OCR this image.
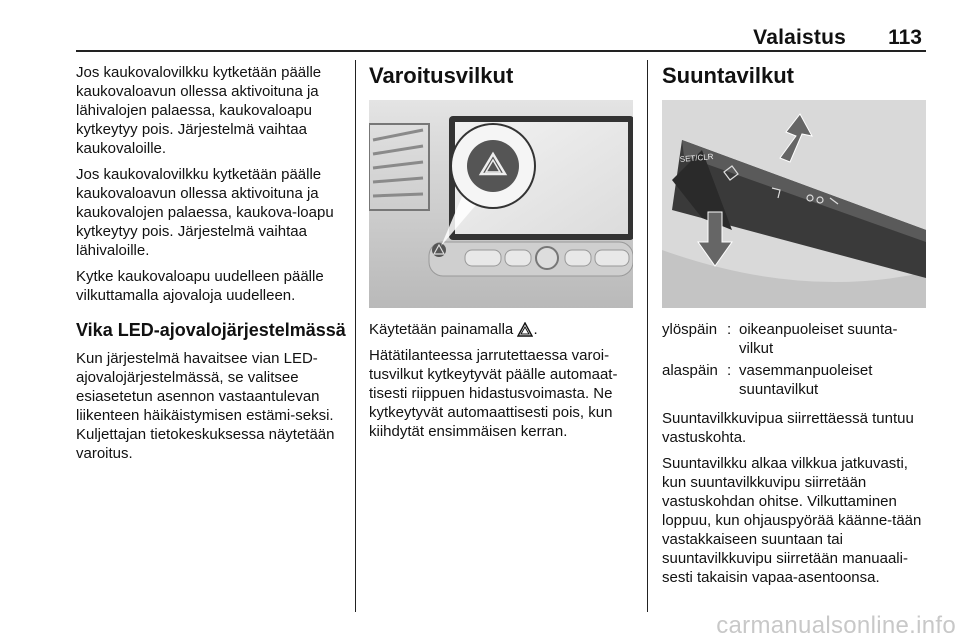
Valaistus 113

Jos kaukovalovilkku kytketään päälle kaukovaloavun ollessa aktivoituna ja lähivalojen palaessa, kaukovaloapu kytkeytyy pois. Järjestelmä vaihtaa kaukovaloille.

Jos kaukovalovilkku kytketään päälle kaukovaloavun ollessa aktivoituna ja kaukovalojen palaessa, kaukova-loapu kytkeytyy pois. Järjestelmä vaihtaa lähivaloille.

Kytke kaukovaloapu uudelleen päälle vilkuttamalla ajovaloja uudelleen.

Vika LED-ajovalojärjestelmässä

Kun järjestelmä havaitsee vian LED-ajovalojärjestelmässä, se valitsee esiasetetun asennon vastaantulevan liikenteen häikäistymisen estämi-seksi. Kuljettajan tietokeskuksessa näytetään varoitus.

Varoitusvilkut

Käytetään painamalla .

Hätätilanteessa jarrutettaessa varoi-tusvilkut kytkeytyvät päälle automaat-tisesti riippuen hidastusvoimasta. Ne kytkeytyvät automaattisesti pois, kun kiihdytät ensimmäisen kerran.

Suuntavilkut
SET/CLR
ylöspäin : oikeanpuoleiset suunta-vilkut
alaspäin : vasemmanpuoleiset suuntavilkut

Suuntavilkkuvipua siirrettäessä tuntuu vastuskohta.

Suuntavilkku alkaa vilkkua jatkuvasti, kun suuntavilkkuvipu siirretään vastuskohdan ohitse. Vilkuttaminen loppuu, kun ohjauspyörää käänne-tään vastakkaiseen suuntaan tai suuntavilkkuvipu siirretään manuaali-sesti takaisin vapaa-asentoonsa.

carmanualsonline.info
